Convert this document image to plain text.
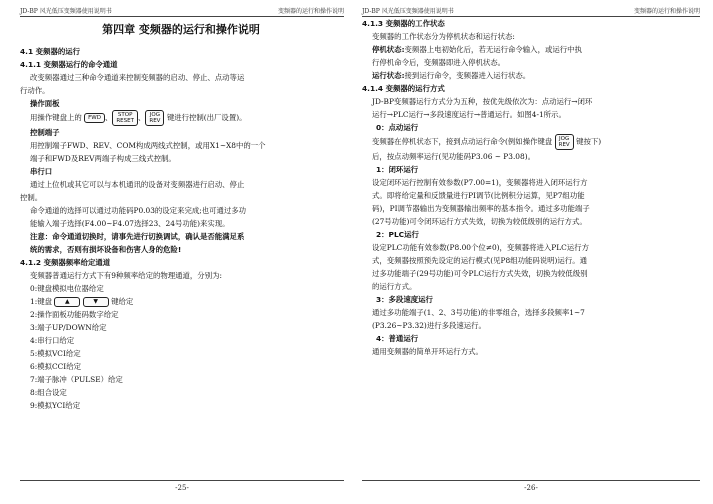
JD-BP 风光低压变频器使用说明书	变频器的运行和操作说明
第四章 变频器的运行和操作说明
4.1 变频器的运行
4.1.1 变频器运行的命令通道
改变频器通过三种命令通道来控制变频器的启动、停止、点动等运
行动作。
操作面板
用操作键盘上的 FWD 、 STOP
RESET 、 JOG
REV 键进行控制(出厂设置)。
控制端子
用控制端子FWD、REV、COM构成两线式控制，或用X1~X8中的一个
端子和FWD及REV两端子构成三线式控制。
串行口
通过上位机或其它可以与本机通讯的设备对变频器进行启动、停止
控制。
命令通道的选择可以通过功能码P0.03的设定来完成;也可通过多功
能输入端子选择(F4.00~F4.07选择23、24号功能)来实现。
注意：命令通道切换时，请事先进行切换调试，确认是否能满足系
统的需求，否则有损坏设备和伤害人身的危险!
4.1.2 变频器频率给定通道
变频器普通运行方式下有9种频率给定的物理通道，分别为:
0:键盘模拟电位器给定
1:键盘 ▲	▼ 键给定
2:操作面板功能码数字给定
3:端子UP/DOWN给定
4:串行口给定
5:模拟VCI给定
6:模拟CCI给定
7:端子脉冲（PULSE）给定
8:组合设定
9:模拟YCI给定
-25-
JD-BP 风光低压变频器使用说明书	变频器的运行和操作说明
4.1.3 变频器的工作状态
变频器的工作状态分为停机状态和运行状态:
停机状态:变频器上电初始化后，若无运行命令输入，或运行中执
行停机命令后，变频器即进入停机状态。
运行状态:接到运行命令，变频器进入运行状态。
4.1.4 变频器的运行方式
JD-BP变频器运行方式分为五种，按优先级依次为：点动运行→闭环
运行→PLC运行→多段速度运行→普通运行。如图4-1所示。
0：点动运行
变频器在停机状态下，接到点动运行命令(例如操作键盘 JOG
REV 键按下)
后，按点动频率运行(见功能码P3.06 ~ P3.08)。
1：闭环运行
设定闭环运行控制有效参数(P7.00=1)，变频器将进入闭环运行方
式。即将给定量和反馈量进行PI调节(比例积分运算，见P7组功能
码)，PI调节器输出为变频器输出频率的基本指令。通过多功能端子
(27号功能)可令闭环运行方式失效，切换为较低级别的运行方式。
2：PLC运行
设定PLC功能有效参数(P8.00个位≠0)，变频器将进入PLC运行方
式，变频器按照预先设定的运行模式(见P8组功能码说明)运行。通
过多功能端子(29号功能)可令PLC运行方式失效，切换为较低级别
的运行方式。
3：多段速度运行
通过多功能端子(1、2、3号功能)的非零组合，选择多段频率1~7
(P3.26~P3.32)进行多段速运行。
4：普通运行
通用变频器的简单开环运行方式。
-26-
